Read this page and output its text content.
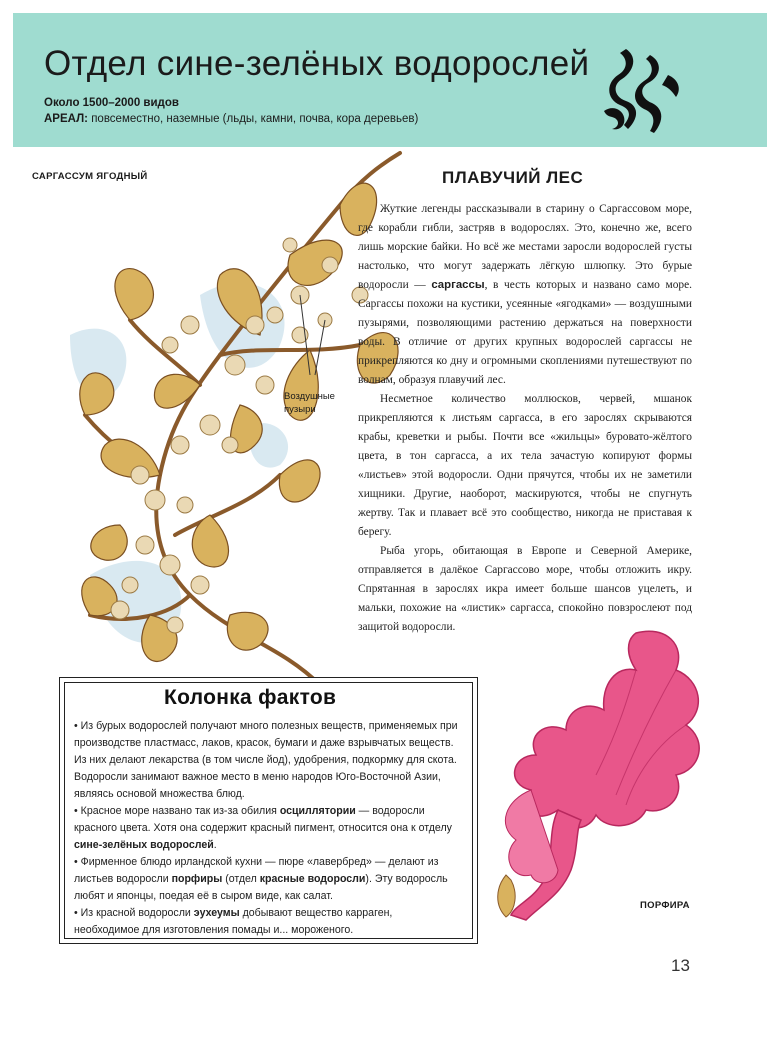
Отдел сине-зелёных водорослей
Около 1500–2000 видов
АРЕАЛ: повсеместно, наземные (льды, камни, почва, кора деревьев)
САРГАССУМ ЯГОДНЫЙ
Воздушные
пузыри
ПЛАВУЧИЙ ЛЕС

Жуткие легенды рассказывали в старину о Саргассовом море, где корабли гибли, застряв в водорослях. Это, конечно же, всего лишь морские байки. Но всё же местами заросли водорослей густы настолько, что могут задержать лёгкую шлюпку. Это бурые водоросли — саргассы, в честь которых и названо само море. Саргассы похожи на кустики, усеянные «ягодками» — воздушными пузырями, позволяющими растению держаться на поверхности воды. В отличие от других крупных водорослей саргассы не прикрепляются ко дну и огромными скоплениями путешествуют по волнам, образуя плавучий лес.

Несметное количество моллюсков, червей, мшанок прикрепляются к листьям саргасса, в его зарослях скрываются крабы, креветки и рыбы. Почти все «жильцы» буровато-жёлтого цвета, в тон саргасса, а их тела зачастую копируют формы «листьев» этой водоросли. Одни прячутся, чтобы их не заметили хищники. Другие, наоборот, маскируются, чтобы не спугнуть жертву. Так и плавает всё это сообщество, никогда не приставая к берегу.

Рыба угорь, обитающая в Европе и Северной Америке, отправляется в далёкое Саргассово море, чтобы отложить икру. Спрятанная в зарослях икра имеет больше шансов уцелеть, и мальки, похожие на «листик» саргасса, спокойно повзрослеют под защитой водоросли.

Колонка фактов

• Из бурых водорослей получают много полезных веществ, применяемых при производстве пластмасс, лаков, красок, бумаги и даже взрывчатых веществ. Из них делают лекарства (в том числе йод), удобрения, подкормку для скота. Водоросли занимают важное место в меню народов Юго-Восточной Азии, являясь основой множества блюд.

• Красное море названо так из-за обилия осциллятории — водоросли красного цвета. Хотя она содержит красный пигмент, относится она к отделу сине-зелёных водорослей.

• Фирменное блюдо ирландской кухни — пюре «лавербред» — делают из листьев водоросли порфиры (отдел красные водоросли). Эту водоросль любят и японцы, поедая её в сыром виде, как салат.

• Из красной водоросли эухеумы добывают вещество карраген, необходимое для изготовления помады и... мороженого.

ПОРФИРА
13
